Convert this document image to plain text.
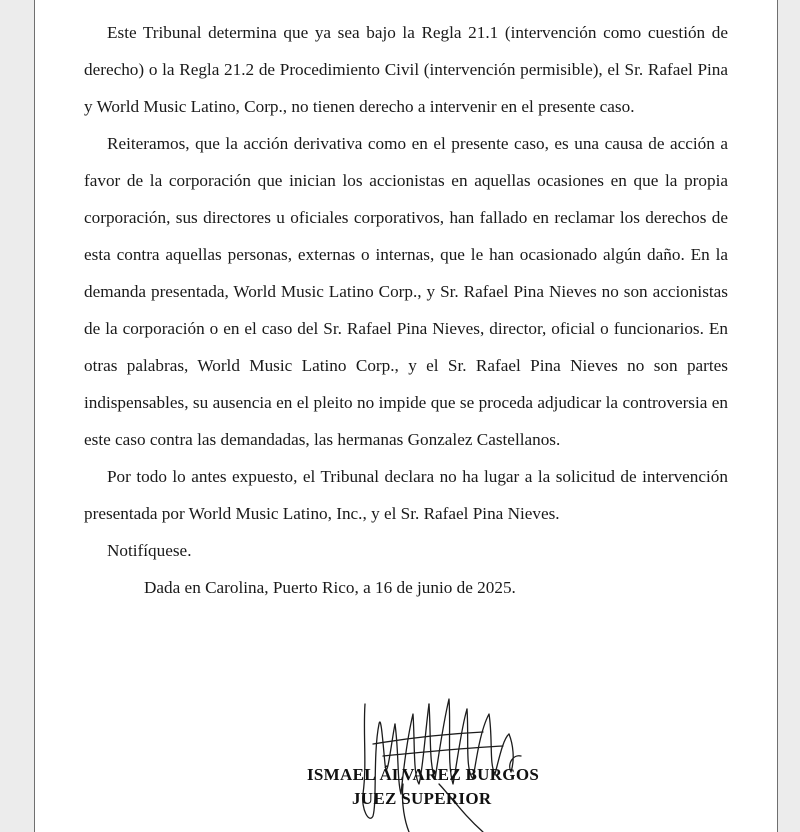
Este Tribunal determina que ya sea bajo la Regla 21.1 (intervención como cuestión de derecho) o la Regla 21.2 de Procedimiento Civil (intervención permisible), el Sr. Rafael Pina y World Music Latino, Corp., no tienen derecho a intervenir en el presente caso.

Reiteramos, que la acción derivativa como en el presente caso, es una causa de acción a favor de la corporación que inician los accionistas en aquellas ocasiones en que la propia corporación, sus directores u oficiales corporativos, han fallado en reclamar los derechos de esta contra aquellas personas, externas o internas, que le han ocasionado algún daño. En la demanda presentada, World Music Latino Corp., y Sr. Rafael Pina Nieves no son accionistas de la corporación o en el caso del Sr. Rafael Pina Nieves, director, oficial o funcionarios. En otras palabras, World Music Latino Corp., y el Sr. Rafael Pina Nieves no son partes indispensables, su ausencia en el pleito no impide que se proceda adjudicar la controversia en este caso contra las demandadas, las hermanas Gonzalez Castellanos.

Por todo lo antes expuesto, el Tribunal declara no ha lugar a la solicitud de intervención presentada por World Music Latino, Inc., y el Sr. Rafael Pina Nieves.

Notifíquese.

Dada en Carolina, Puerto Rico, a 16 de junio de 2025.

ISMAEL ÁLVAREZ BURGOS
JUEZ SUPERIOR
